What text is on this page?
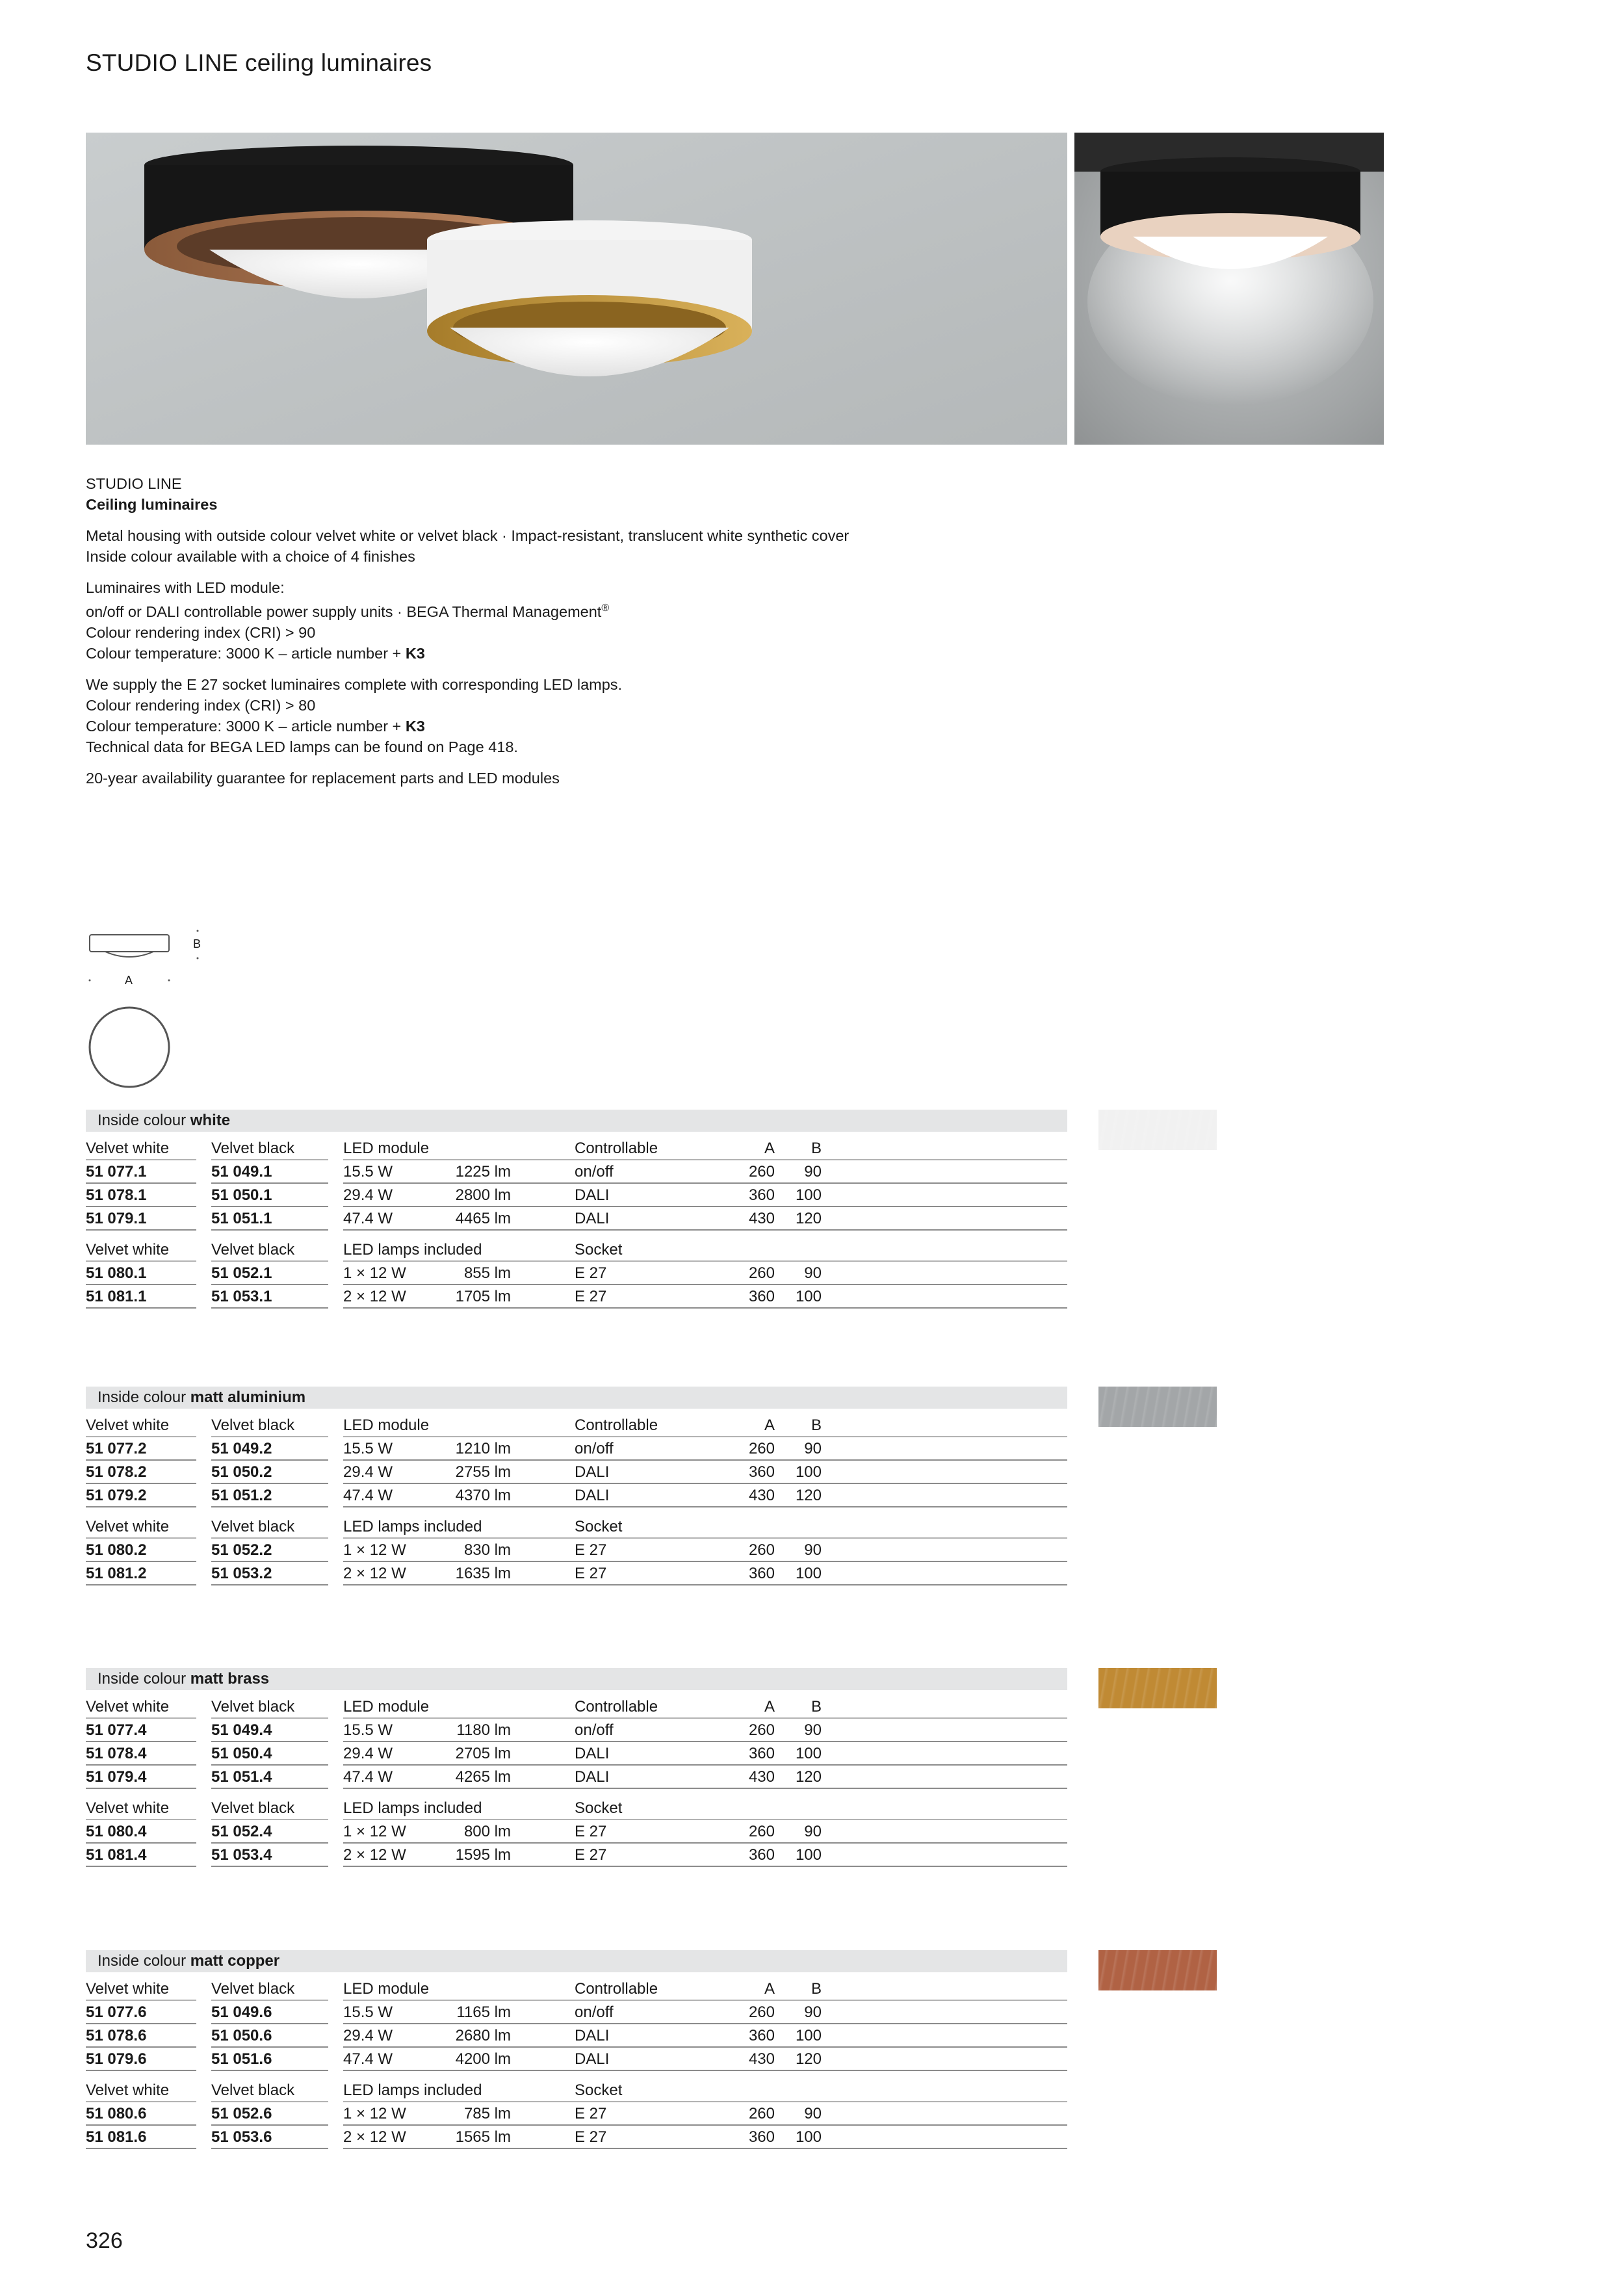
STUDIO LINE ceiling luminaires
STUDIO LINE
Ceiling luminaires

Metal housing with outside colour velvet white or velvet black · Impact-resistant, translucent white synthetic cover
Inside colour available with a choice of 4 finishes

Luminaires with LED module:
on/off or DALI controllable power supply units · BEGA Thermal Management®
Colour rendering index (CRI) > 90
Colour temperature: 3000 K – article number + K3

We supply the E 27 socket luminaires complete with corresponding LED lamps.
Colour rendering index (CRI) > 80
Colour temperature: 3000 K – article number + K3
Technical data for BEGA LED lamps can be found on Page 418.

20-year availability guarantee for replacement parts and LED modules

A
B
Inside colour white
Velvet white	Velvet black	LED module	Controllable	A B
51 077.1	51 049.1	15.5 W	1225 lm	on/off	260 90
51 078.1	51 050.1	29.4 W	2800 lm	DALI	360 100
51 079.1	51 051.1	47.4 W	4465 lm	DALI	430 120
Velvet white	Velvet black	LED lamps included	Socket
51 080.1	51 052.1	1 × 12 W	855 lm	E 27	260 90
51 081.1	51 053.1	2 × 12 W	1705 lm	E 27	360 100
Inside colour matt aluminium
Velvet white	Velvet black	LED module	Controllable	A B
51 077.2	51 049.2	15.5 W	1210 lm	on/off	260 90
51 078.2	51 050.2	29.4 W	2755 lm	DALI	360 100
51 079.2	51 051.2	47.4 W	4370 lm	DALI	430 120
Velvet white	Velvet black	LED lamps included	Socket
51 080.2	51 052.2	1 × 12 W	830 lm	E 27	260 90
51 081.2	51 053.2	2 × 12 W	1635 lm	E 27	360 100
Inside colour matt brass
Velvet white	Velvet black	LED module	Controllable	A B
51 077.4	51 049.4	15.5 W	1180 lm	on/off	260 90
51 078.4	51 050.4	29.4 W	2705 lm	DALI	360 100
51 079.4	51 051.4	47.4 W	4265 lm	DALI	430 120
Velvet white	Velvet black	LED lamps included	Socket
51 080.4	51 052.4	1 × 12 W	800 lm	E 27	260 90
51 081.4	51 053.4	2 × 12 W	1595 lm	E 27	360 100
Inside colour matt copper
Velvet white	Velvet black	LED module	Controllable	A B
51 077.6	51 049.6	15.5 W	1165 lm	on/off	260 90
51 078.6	51 050.6	29.4 W	2680 lm	DALI	360 100
51 079.6	51 051.6	47.4 W	4200 lm	DALI	430 120
Velvet white	Velvet black	LED lamps included	Socket
51 080.6	51 052.6	1 × 12 W	785 lm	E 27	260 90
51 081.6	51 053.6	2 × 12 W	1565 lm	E 27	360 100
326
